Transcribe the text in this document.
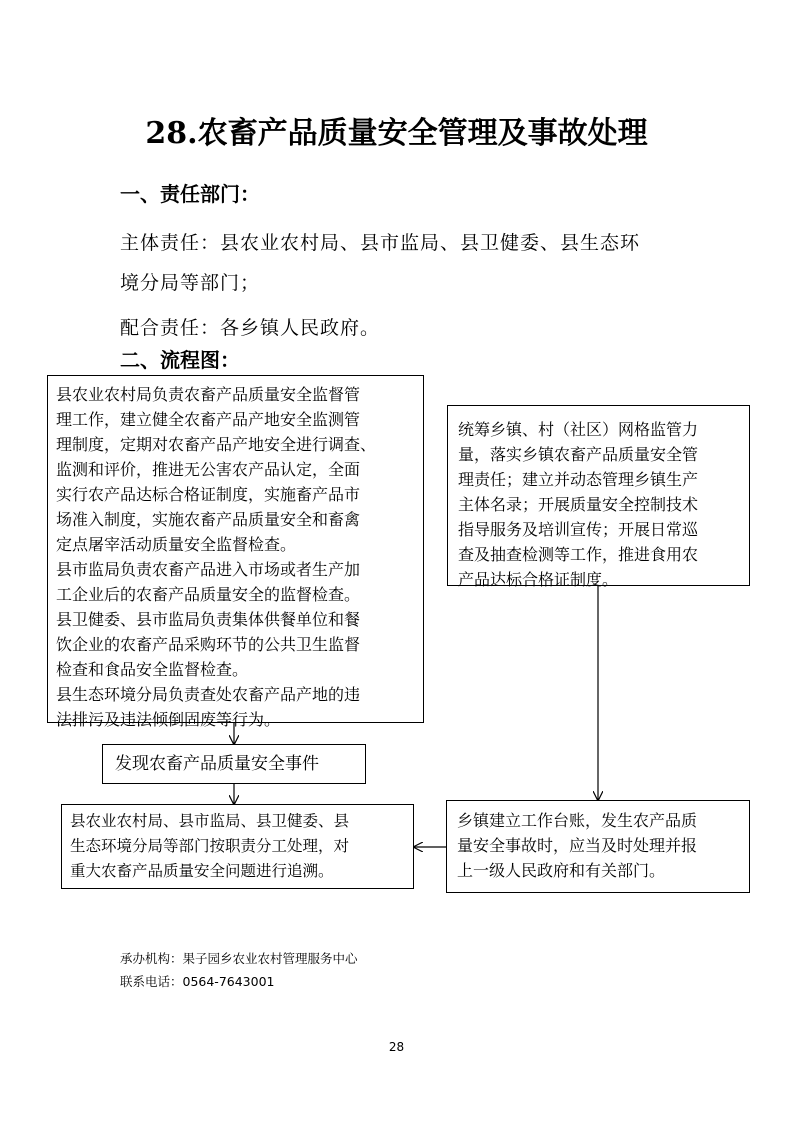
28.农畜产品质量安全管理及事故处理
一、责任部门：
主体责任：县农业农村局、县市监局、县卫健委、县生态环
境分局等部门；
配合责任：各乡镇人民政府。
二、流程图：

县农业农村局负责农畜产品质量安全监督管

理工作，建立健全农畜产品产地安全监测管

理制度，定期对农畜产品产地安全进行调查、

监测和评价，推进无公害农产品认定，全面

实行农产品达标合格证制度，实施畜产品市

场准入制度，实施农畜产品质量安全和畜禽

定点屠宰活动质量安全监督检查。

县市监局负责农畜产品进入市场或者生产加

工企业后的农畜产品质量安全的监督检查。

县卫健委、县市监局负责集体供餐单位和餐

饮企业的农畜产品采购环节的公共卫生监督

检查和食品安全监督检查。

县生态环境分局负责查处农畜产品产地的违

法排污及违法倾倒固废等行为。

统筹乡镇、村（社区）网格监管力

量，落实乡镇农畜产品质量安全管

理责任；建立并动态管理乡镇生产

主体名录；开展质量安全控制技术

指导服务及培训宣传；开展日常巡

查及抽查检测等工作，推进食用农

产品达标合格证制度。

发现农畜产品质量安全事件

县农业农村局、县市监局、县卫健委、县

生态环境分局等部门按职责分工处理，对

重大农畜产品质量安全问题进行追溯。

乡镇建立工作台账，发生农产品质

量安全事故时，应当及时处理并报

上一级人民政府和有关部门。

承办机构：果子园乡农业农村管理服务中心
联系电话：0564-7643001
28
